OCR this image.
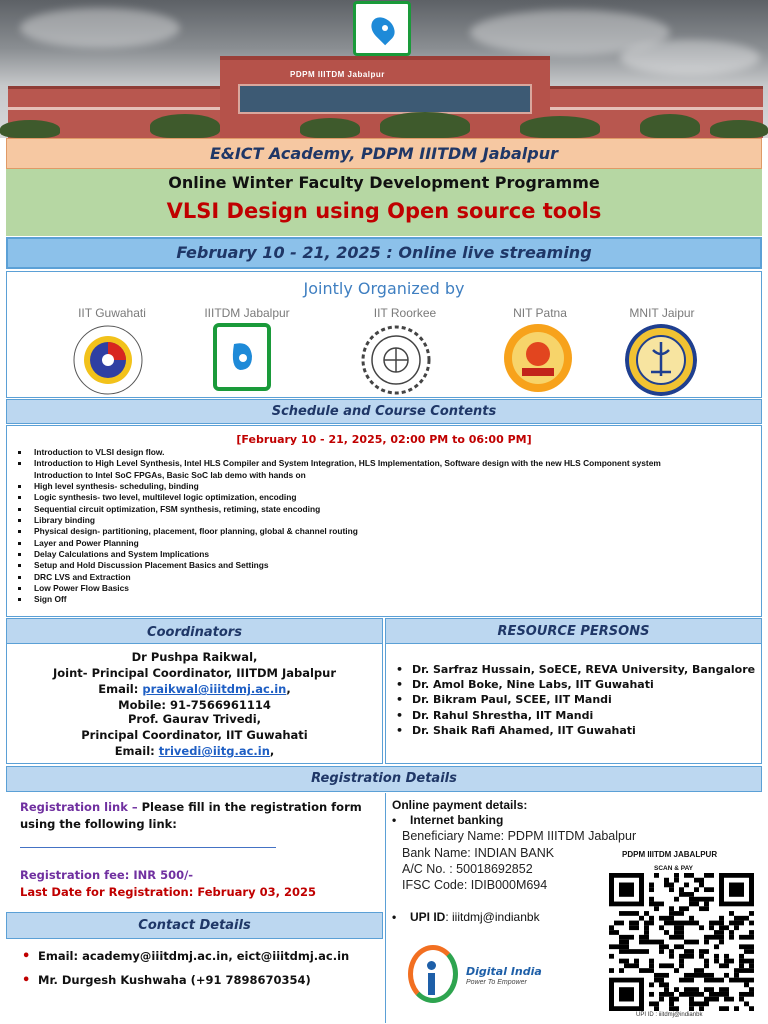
PDPM IIITDM Jabalpur
E&ICT Academy, PDPM IIITDM Jabalpur
Online Winter Faculty Development Programme
VLSI Design using Open source tools
February 10 - 21, 2025 : Online live streaming
Jointly Organized by
IIT Guwahati	IIITDM Jabalpur	IIT Roorkee	NIT Patna	MNIT Jaipur
Schedule and Course Contents
[February 10 - 21, 2025, 02:00 PM to 06:00 PM]
Introduction to VLSI design flow.
Introduction to High Level Synthesis, Intel HLS Compiler and System Integration, HLS Implementation, Software design with the new HLS Component system
Introduction to Intel SoC FPGAs, Basic SoC lab demo with hands on
High level synthesis- scheduling, binding
Logic synthesis- two level, multilevel logic optimization, encoding
Sequential circuit optimization, FSM synthesis, retiming, state encoding
Library binding
Physical design- partitioning, placement, floor planning, global & channel routing
Layer and Power Planning
Delay Calculations and System Implications
Setup and Hold Discussion Placement Basics and Settings
DRC LVS and Extraction
Low Power Flow Basics
Sign Off
Coordinators	RESOURCE PERSONS
Dr Pushpa Raikwal,
Joint- Principal Coordinator, IIITDM Jabalpur
Email: praikwal@iiitdmj.ac.in,
Mobile: 91-7566961114
Prof. Gaurav Trivedi,
Principal Coordinator, IIT Guwahati
Email: trivedi@iitg.ac.in,
• Dr. Sarfraz Hussain, SoECE, REVA University, Bangalore
• Dr. Amol Boke, Nine Labs, IIT Guwahati
• Dr. Bikram Paul, SCEE, IIT Mandi
• Dr. Rahul Shrestha, IIT Mandi
• Dr. Shaik Rafi Ahamed, IIT Guwahati
Registration Details
Registration link – Please fill in the registration form
using the following link:
Registration fee: INR 500/-
Last Date for Registration: February 03, 2025
Contact Details
• Email: academy@iiitdmj.ac.in, eict@iiitdmj.ac.in
• Mr. Durgesh Kushwaha (+91 7898670354)
Online payment details:
• Internet banking
Beneficiary Name: PDPM IIITDM Jabalpur
Bank Name: INDIAN BANK
A/C No. : 50018692852
IFSC Code: IDIB000M694
• UPI ID: iiitdmj@indianbk
PDPM IIITDM JABALPUR
SCAN & PAY
UPI ID : iiitdmj@indianbk
Digital India
Power To Empower
